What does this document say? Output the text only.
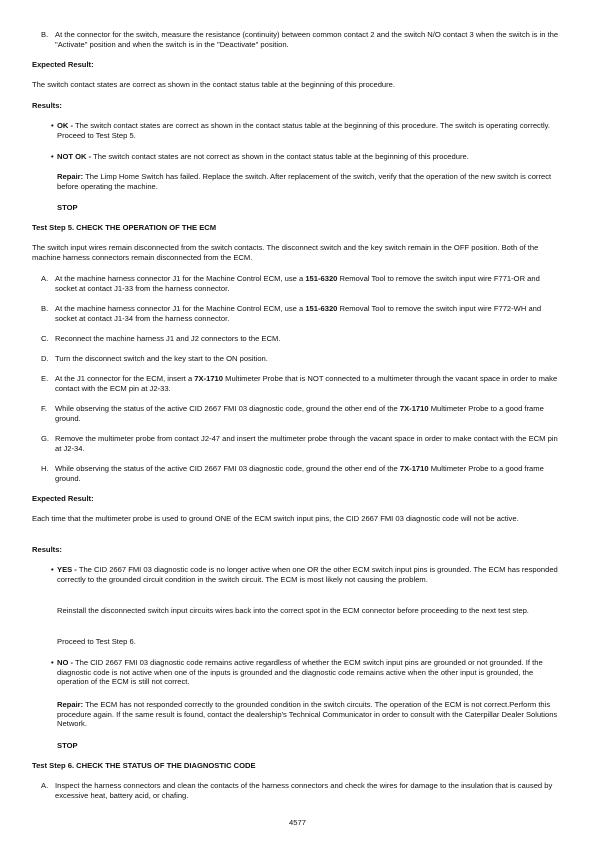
B. At the connector for the switch, measure the resistance (continuity) between common contact 2 and the switch N/O contact 3 when the switch is in the "Activate" position and when the switch is in the "Deactivate" position.
Expected Result:
The switch contact states are correct as shown in the contact status table at the beginning of this procedure.
Results:
• OK - The switch contact states are correct as shown in the contact status table at the beginning of this procedure. The switch is operating correctly. Proceed to Test Step 5.
• NOT OK - The switch contact states are not correct as shown in the contact status table at the beginning of this procedure.
Repair: The Limp Home Switch has failed. Replace the switch. After replacement of the switch, verify that the operation of the new switch is correct before operating the machine.
STOP
Test Step 5. CHECK THE OPERATION OF THE ECM
The switch input wires remain disconnected from the switch contacts. The disconnect switch and the key switch remain in the OFF position. Both of the machine harness connectors remain disconnected from the ECM.
A. At the machine harness connector J1 for the Machine Control ECM, use a 151-6320 Removal Tool to remove the switch input wire F771-OR and socket at contact J1-33 from the harness connector.
B. At the machine harness connector J1 for the Machine Control ECM, use a 151-6320 Removal Tool to remove the switch input wire F772-WH and socket at contact J1-34 from the harness connector.
C. Reconnect the machine harness J1 and J2 connectors to the ECM.
D. Turn the disconnect switch and the key start to the ON position.
E. At the J1 connector for the ECM, insert a 7X-1710 Multimeter Probe that is NOT connected to a multimeter through the vacant space in order to make contact with the ECM pin at J2-33.
F.	While observing the status of the active CID 2667 FMI 03 diagnostic code, ground the other end of the 7X-1710 Multimeter Probe to a good frame ground.
G. Remove the multimeter probe from contact J2-47 and insert the multimeter probe through the vacant space in order to make contact with the ECM pin at J2-34.
H. While observing the status of the active CID 2667 FMI 03 diagnostic code, ground the other end of the 7X-1710 Multimeter Probe to a good frame ground.
Expected Result:
Each time that the multimeter probe is used to ground ONE of the ECM switch input pins, the CID 2667 FMI 03 diagnostic code will not be active.
Results:
• YES - The CID 2667 FMI 03 diagnostic code is no longer active when one OR the other ECM switch input pins is grounded. The ECM has responded correctly to the grounded circuit condition in the switch circuit. The ECM is most likely not causing the problem.
Reinstall the disconnected switch input circuits wires back into the correct spot in the ECM connector before proceeding to the next test step.
Proceed to Test Step 6.
• NO - The CID 2667 FMI 03 diagnostic code remains active regardless of whether the ECM switch input pins are grounded or not grounded. If the diagnostic code is not active when one of the inputs is grounded and the diagnostic code remains active when the other input is grounded, the operation of the ECM is still not correct.
Repair: The ECM has not responded correctly to the grounded condition in the switch circuits. The operation of the ECM is not correct.Perform this procedure again. If the same result is found, contact the dealership's Technical Communicator in order to consult with the Caterpillar Dealer Solutions Network.
STOP
Test Step 6. CHECK THE STATUS OF THE DIAGNOSTIC CODE
A. Inspect the harness connectors and clean the contacts of the harness connectors and check the wires for damage to the insulation that is caused by excessive heat, battery acid, or chafing.
4577
